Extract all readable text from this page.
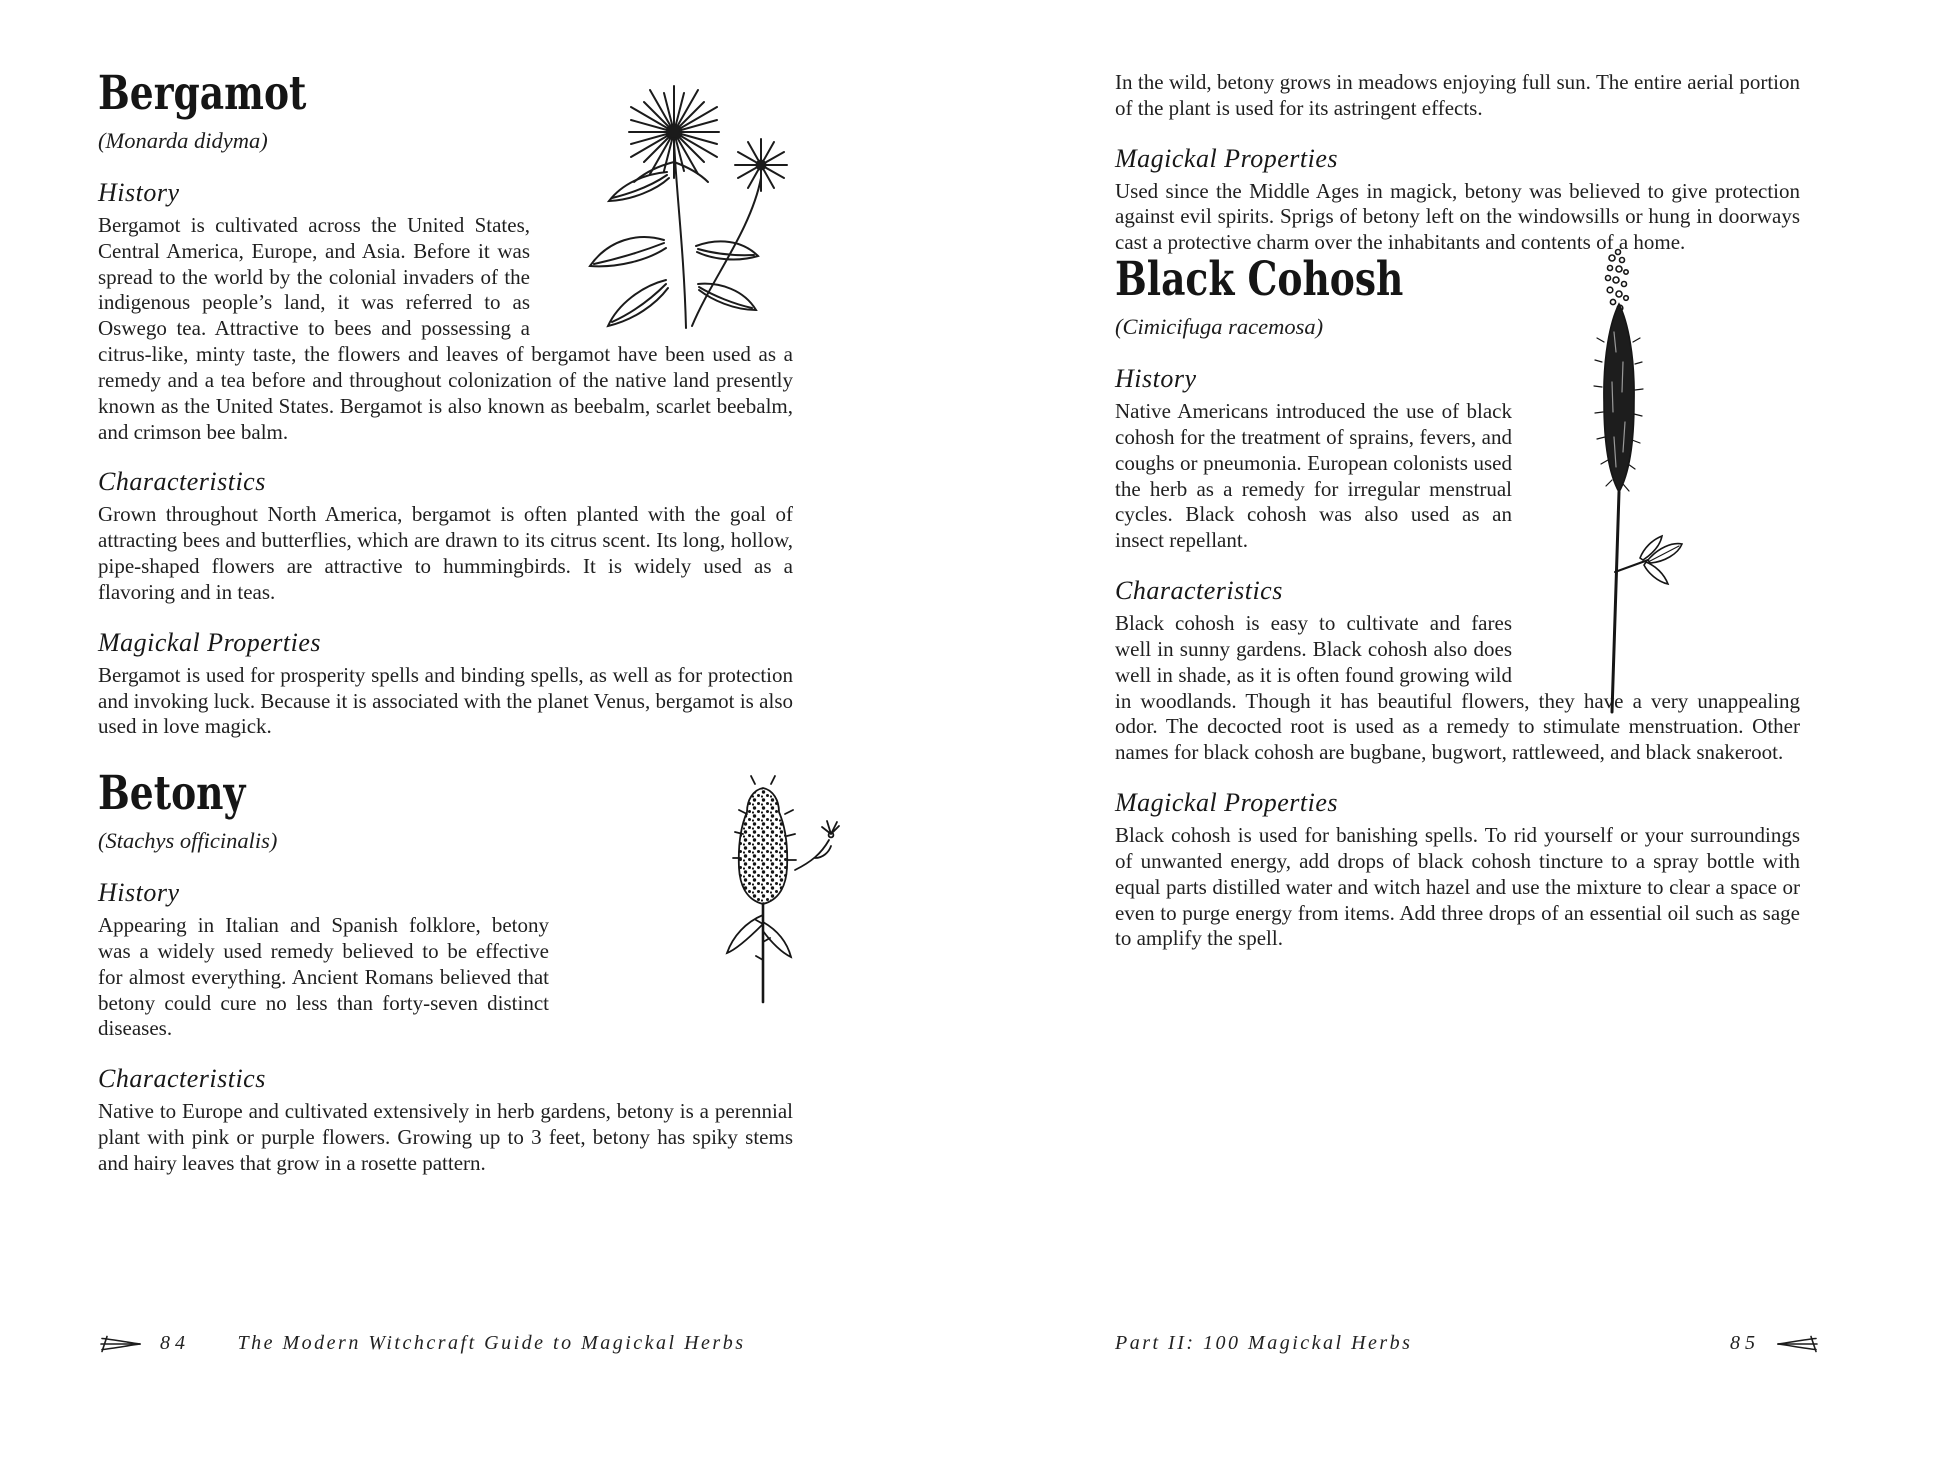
Bergamot

(Monarda didyma)

History

Bergamot is cultivated across the United States, Central America, Europe, and Asia. Before it was spread to the world by the colonial invaders of the indigenous people’s land, it was referred to as Oswego tea. Attractive to bees and possessing a citrus-like, minty taste, the flowers and leaves of bergamot have been used as a remedy and a tea before and throughout colonization of the native land presently known as the United States. Bergamot is also known as beebalm, scarlet beebalm, and crimson bee balm.

Characteristics

Grown throughout North America, bergamot is often planted with the goal of attracting bees and butterflies, which are drawn to its citrus scent. Its long, hollow, pipe-shaped flowers are attractive to hummingbirds. It is widely used as a flavoring and in teas.

Magickal Properties

Bergamot is used for prosperity spells and binding spells, as well as for protection and invoking luck. Because it is associated with the planet Venus, bergamot is also used in love magick.

Betony

(Stachys officinalis)

History

Appearing in Italian and Spanish folklore, betony was a widely used remedy believed to be effective for almost everything. Ancient Romans believed that betony could cure no less than forty-seven distinct diseases.

Characteristics

Native to Europe and cultivated extensively in herb gardens, betony is a perennial plant with pink or purple flowers. Growing up to 3 feet, betony has spiky stems and hairy leaves that grow in a rosette pattern.

84	The Modern Witchcraft Guide to Magickal Herbs

In the wild, betony grows in meadows enjoying full sun. The entire aerial portion of the plant is used for its astringent effects.

Magickal Properties

Used since the Middle Ages in magick, betony was believed to give protection against evil spirits. Sprigs of betony left on the windowsills or hung in doorways cast a protective charm over the inhabitants and contents of a home.

Black Cohosh

(Cimicifuga racemosa)

History

Native Americans introduced the use of black cohosh for the treatment of sprains, fevers, and coughs or pneumonia. European colonists used the herb as a remedy for irregular menstrual cycles. Black cohosh was also used as an insect repellant.

Characteristics

Black cohosh is easy to cultivate and fares well in sunny gardens. Black cohosh also does well in shade, as it is often found growing wild in woodlands. Though it has beautiful flowers, they have a very unappealing odor. The decocted root is used as a remedy to stimulate menstruation. Other names for black cohosh are bugbane, bugwort, rattleweed, and black snakeroot.

Magickal Properties

Black cohosh is used for banishing spells. To rid yourself or your surroundings of unwanted energy, add drops of black cohosh tincture to a spray bottle with equal parts distilled water and witch hazel and use the mixture to clear a space or even to purge energy from items. Add three drops of an essential oil such as sage to amplify the spell.

Part II: 100 Magickal Herbs	85
